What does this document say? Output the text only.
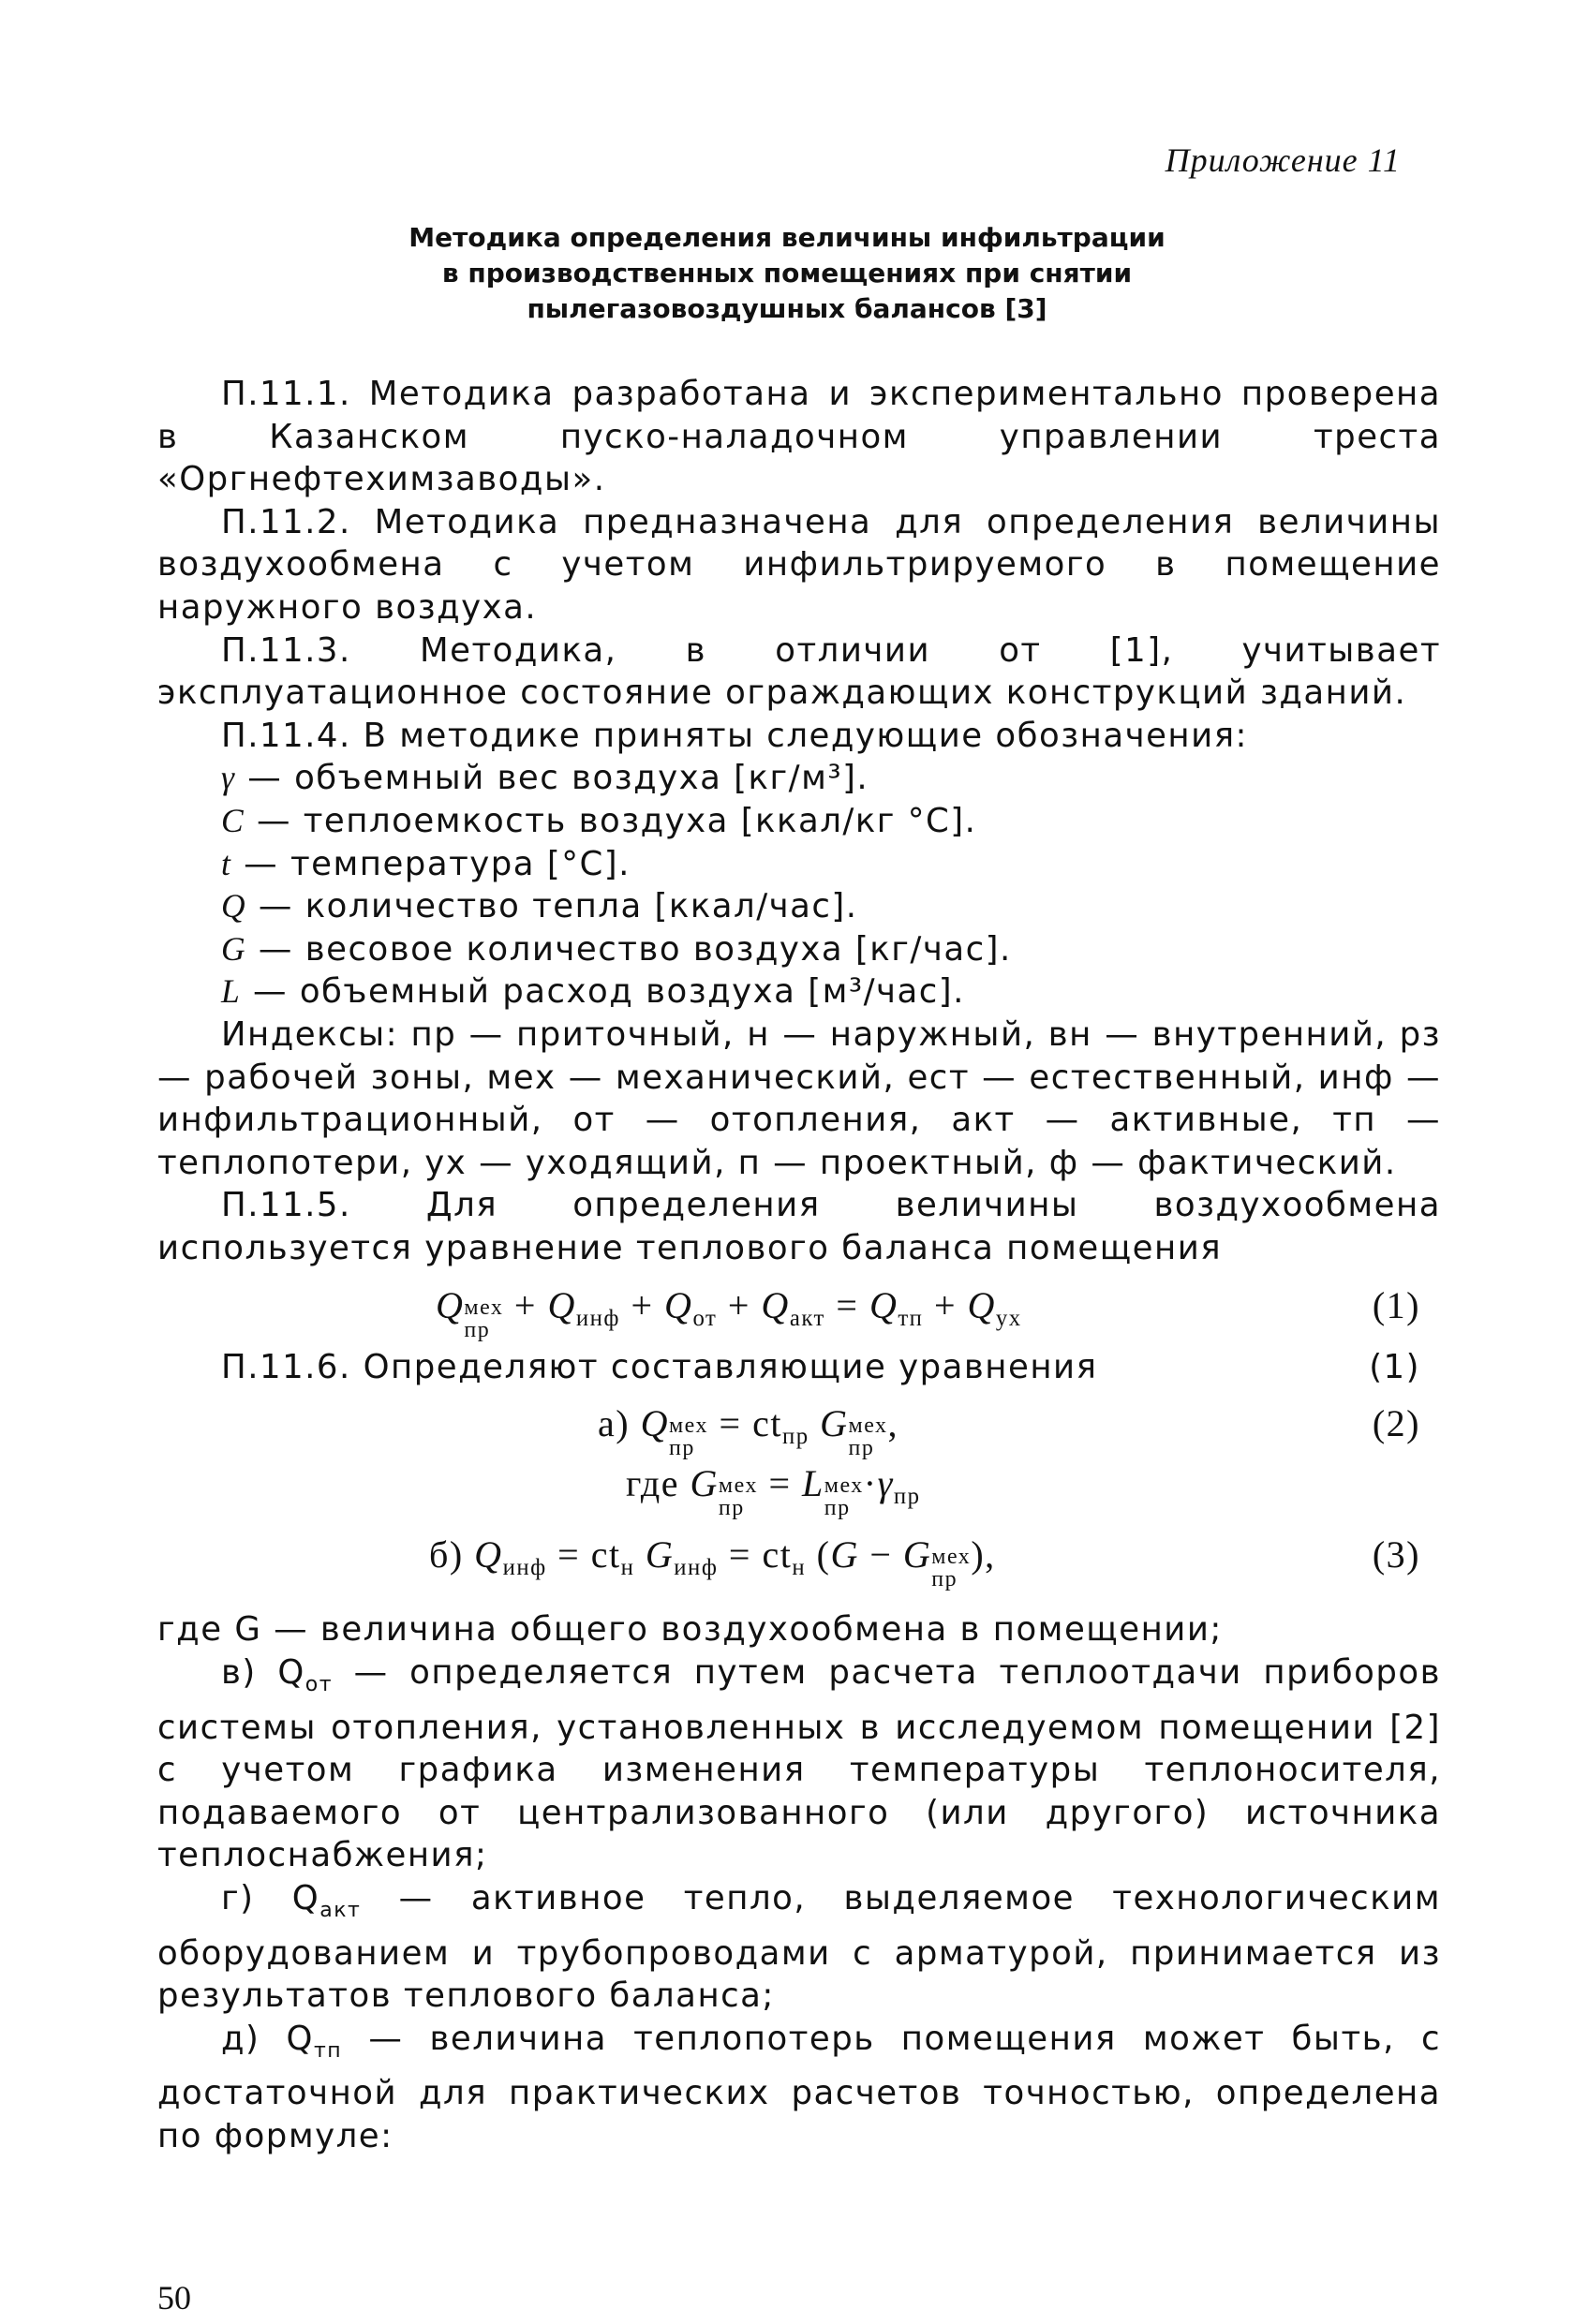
Приложение 11
Методика определения величины инфильтрации
в производственных помещениях при снятии
пылегазовоздушных балансов [3]

П.11.1. Методика разработана и экспериментально проверена в Казанском пуско-наладочном управлении треста «Оргнефтехимзаводы».

П.11.2. Методика предназначена для определения величины воздухообмена с учетом инфильтрируемого в помещение наружного воздуха.

П.11.3. Методика, в отличии от [1], учитывает эксплуатационное состояние ограждающих конструкций зданий.

П.11.4. В методике приняты следующие обозначения:

γ — объемный вес воздуха [кг/м³].
C — теплоемкость воздуха [ккал/кг °C].
t — температура [°C].
Q — количество тепла [ккал/час].
G — весовое количество воздуха [кг/час].
L — объемный расход воздуха [м³/час].

Индексы: пр — приточный, н — наружный, вн — внутренний, рз — рабочей зоны, мех — механический, ест — естественный, инф — инфильтрационный, от — отопления, акт — активные, тп — теплопотери, ух — уходящий, п — проектный, ф — фактический.

П.11.5. Для определения величины воздухообмена используется уравнение теплового баланса помещения

Q мех
пр
+ $Q_{инф} + Q_{от} + Q_{акт} = Q_{тп} + Q_{ух}$	(1)
П.11.6. Определяют составляющие уравнения	(1)
а) Q мех
пр
= $ct_{пр}$ G мех
пр
,	(2)
где G мех
пр
= L мех
пр
$\cdot\gamma_{пр}$
б) $Q_{инф} = ct_н$ $G_{инф} = ct_н$ (G − G мех
пр
),	(3)

где G — величина общего воздухообмена в помещении;

в) $Q_{от}$ — определяется путем расчета теплоотдачи приборов системы отопления, установленных в исследуемом помещении [2] с учетом графика изменения температуры теплоносителя, подаваемого от централизованного (или другого) источника теплоснабжения;

г) $Q_{акт}$ — активное тепло, выделяемое технологическим оборудованием и трубопроводами с арматурой, принимается из результатов теплового баланса;

д) $Q_{тп}$ — величина теплопотерь помещения может быть, с достаточной для практических расчетов точностью, определена по формуле:

50
